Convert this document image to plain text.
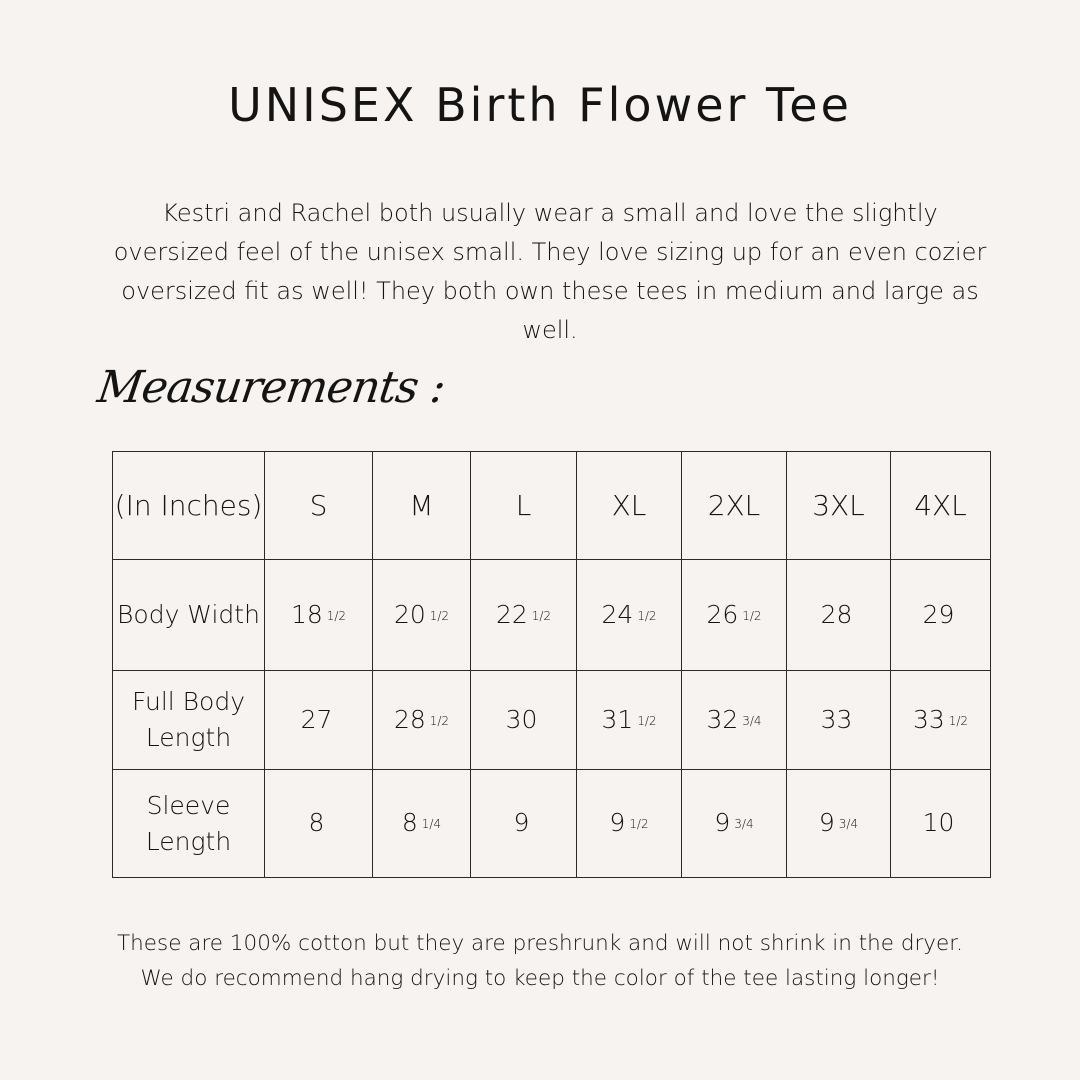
UNISEX Birth Flower Tee
Kestri and Rachel both usually wear a small and love the slightly oversized feel of the unisex small. They love sizing up for an even cozier oversized fit as well! They both own these tees in medium and large as well.
Measurements :
(In Inches)	S	M	L	XL	2XL	3XL	4XL
Body Width	18 1/2	20 1/2	22 1/2	24 1/2	26 1/2	28	29
Full Body Length	27	28 1/2	30	31 1/2	32 3/4	33	33 1/2
Sleeve Length	8	8 1/4	9	9 1/2	9 3/4	9 3/4	10
These are 100% cotton but they are preshrunk and will not shrink in the dryer.
We do recommend hang drying to keep the color of the tee lasting longer!
